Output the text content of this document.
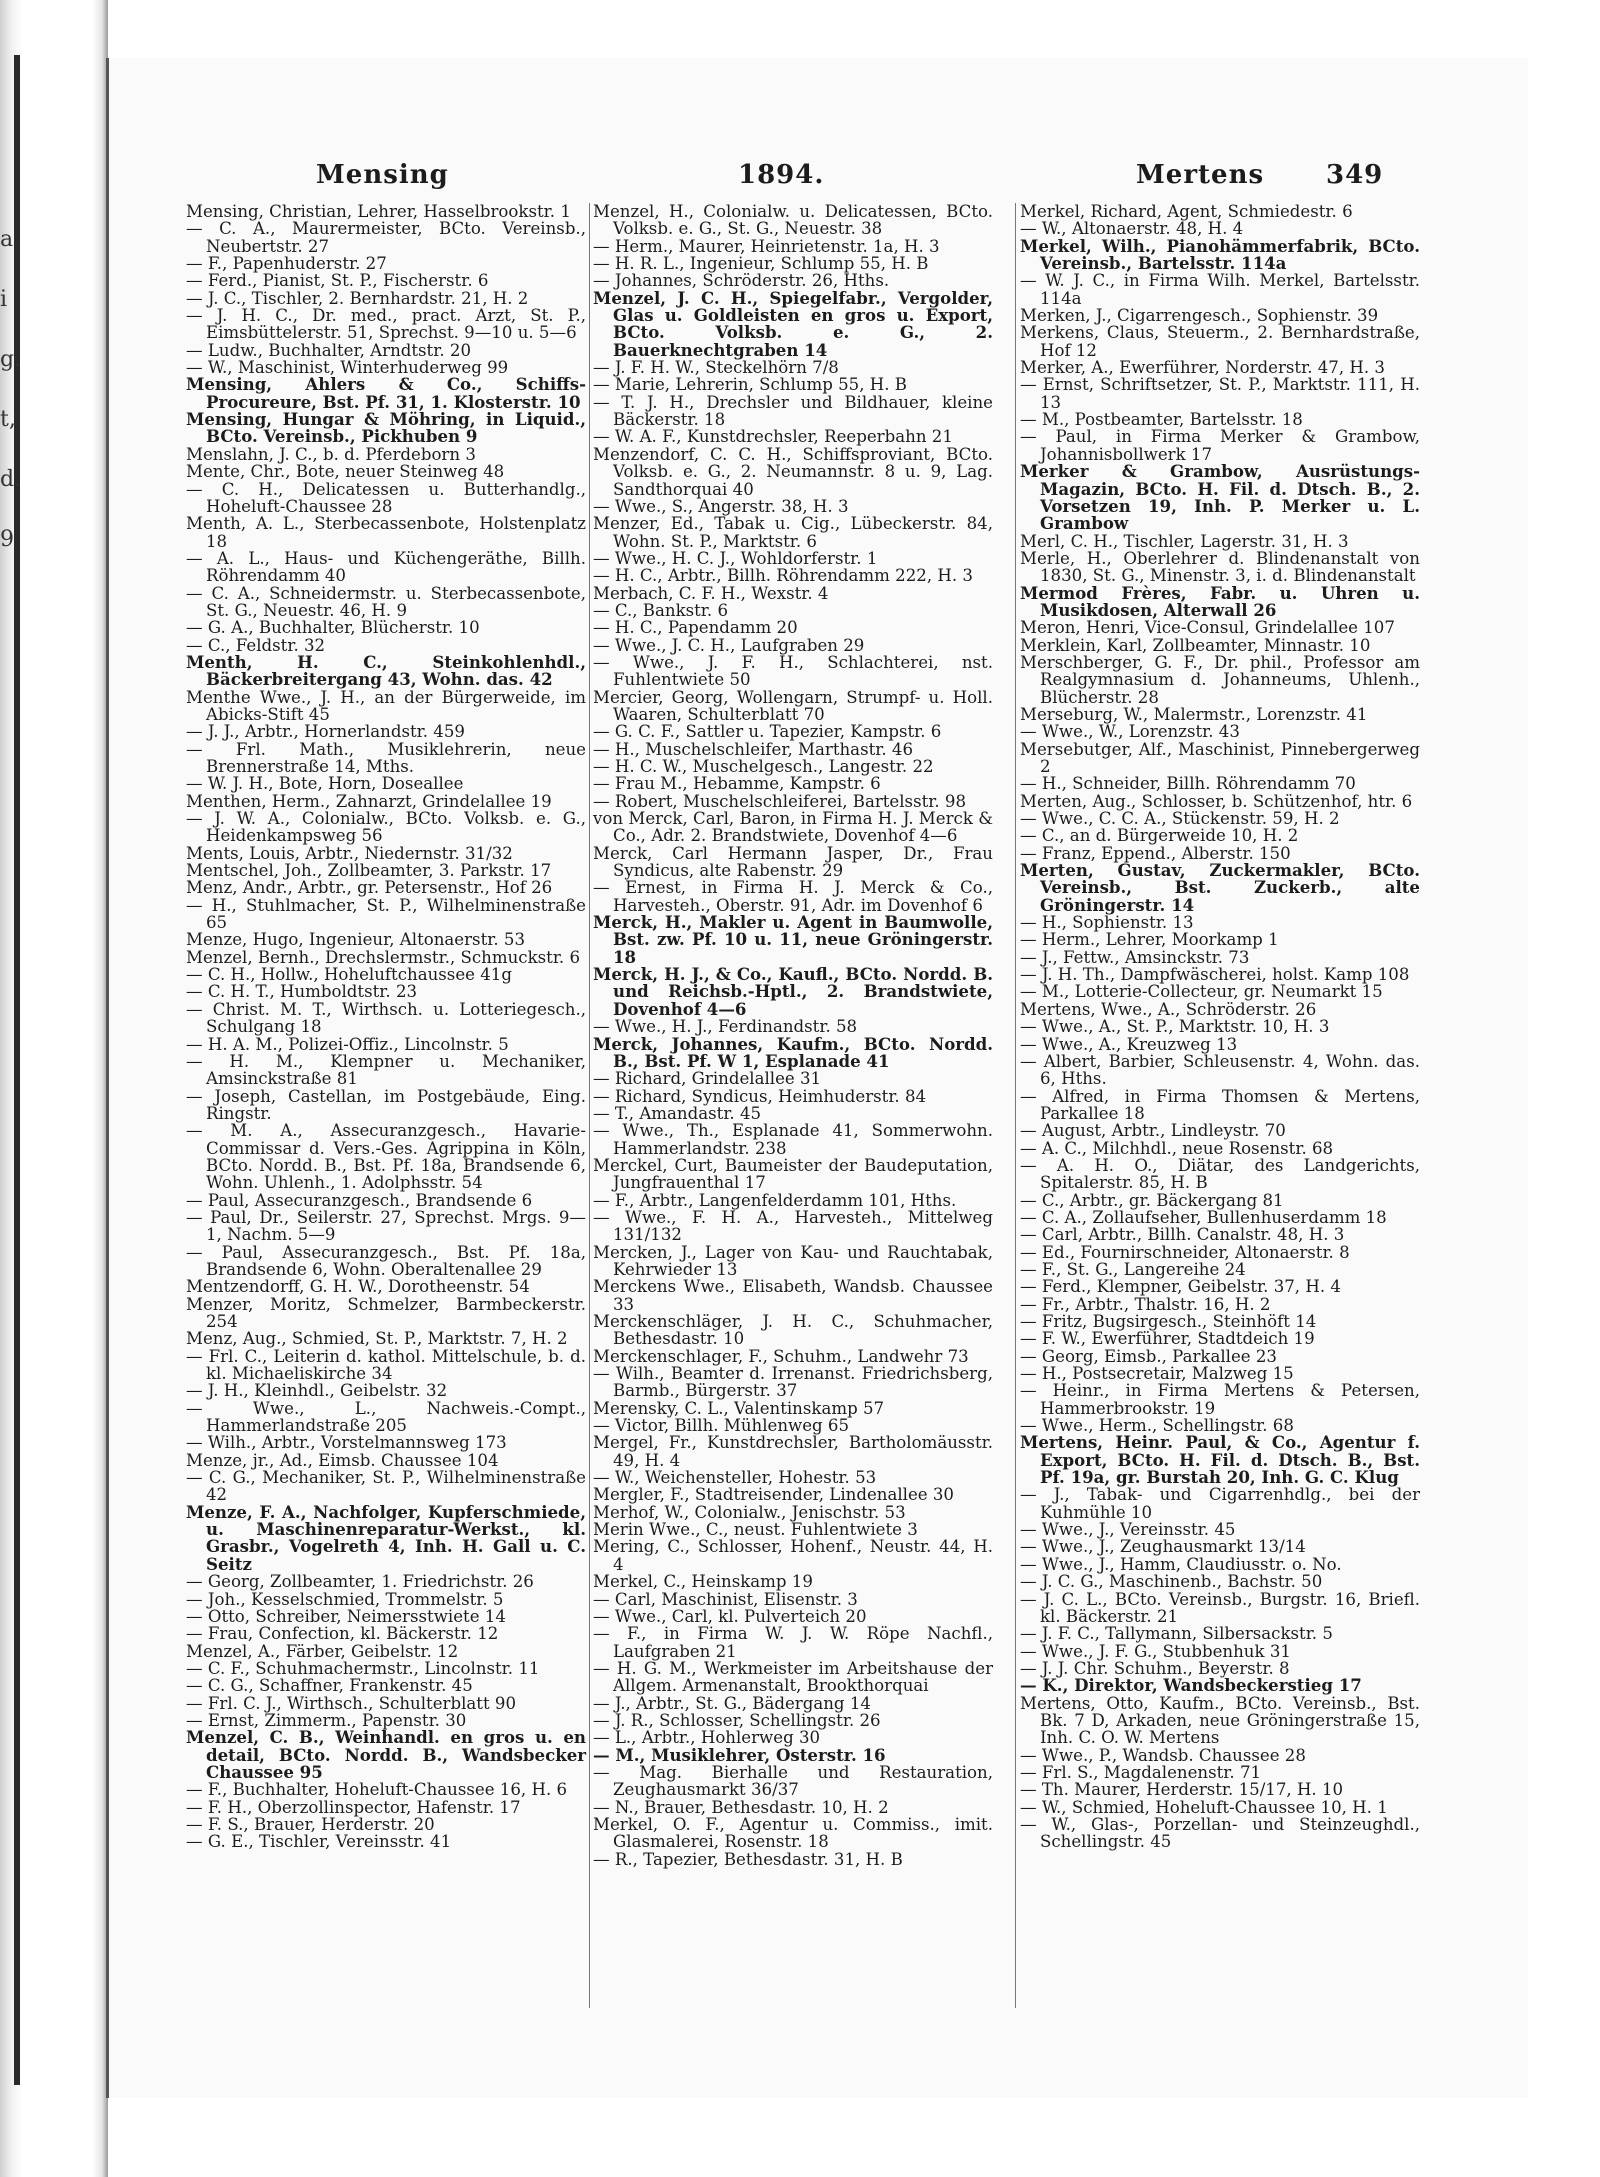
a
i
g.
t,
d.
9
Mensing	1894.	Mertens 349

Mensing, Christian, Lehrer, Hasselbrookstr. 1

— C. A., Maurermeister, BCto. Vereinsb., Neubertstr. 27

— F., Papenhuderstr. 27

— Ferd., Pianist, St. P., Fischerstr. 6

— J. C., Tischler, 2. Bernhardstr. 21, H. 2

— J. H. C., Dr. med., pract. Arzt, St. P., Eimsbüttelerstr. 51, Sprechst. 9—10 u. 5—6

— Ludw., Buchhalter, Arndtstr. 20

— W., Maschinist, Winterhuderweg 99

Mensing, Ahlers & Co., Schiffs-Procureure, Bst. Pf. 31, 1. Klosterstr. 10

Mensing, Hungar & Möhring, in Liquid., BCto. Vereinsb., Pickhuben 9

Menslahn, J. C., b. d. Pferdeborn 3

Mente, Chr., Bote, neuer Steinweg 48

— C. H., Delicatessen u. Butterhandlg., Hoheluft-Chaussee 28

Menth, A. L., Sterbecassenbote, Holstenplatz 18

— A. L., Haus- und Küchengeräthe, Billh. Röhrendamm 40

— C. A., Schneidermstr. u. Sterbecassenbote, St. G., Neuestr. 46, H. 9

— G. A., Buchhalter, Blücherstr. 10

— C., Feldstr. 32

Menth, H. C., Steinkohlenhdl., Bäckerbreitergang 43, Wohn. das. 42

Menthe Wwe., J. H., an der Bürgerweide, im Abicks-Stift 45

— J. J., Arbtr., Hornerlandstr. 459

— Frl. Math., Musiklehrerin, neue Brennerstraße 14, Mths.

— W. J. H., Bote, Horn, Doseallee

Menthen, Herm., Zahnarzt, Grindelallee 19

— J. W. A., Colonialw., BCto. Volksb. e. G., Heidenkampsweg 56

Ments, Louis, Arbtr., Niedernstr. 31/32

Mentschel, Joh., Zollbeamter, 3. Parkstr. 17

Menz, Andr., Arbtr., gr. Petersenstr., Hof 26

— H., Stuhlmacher, St. P., Wilhelminenstraße 65

Menze, Hugo, Ingenieur, Altonaerstr. 53

Menzel, Bernh., Drechslermstr., Schmuckstr. 6

— C. H., Hollw., Hoheluftchaussee 41g

— C. H. T., Humboldtstr. 23

— Christ. M. T., Wirthsch. u. Lotteriegesch., Schulgang 18

— H. A. M., Polizei-Offiz., Lincolnstr. 5

— H. M., Klempner u. Mechaniker, Amsinckstraße 81

— Joseph, Castellan, im Postgebäude, Eing. Ringstr.

— M. A., Assecuranzgesch., Havarie-Commissar d. Vers.-Ges. Agrippina in Köln, BCto. Nordd. B., Bst. Pf. 18a, Brandsende 6, Wohn. Uhlenh., 1. Adolphsstr. 54

— Paul, Assecuranzgesch., Brandsende 6

— Paul, Dr., Seilerstr. 27, Sprechst. Mrgs. 9—1, Nachm. 5—9

— Paul, Assecuranzgesch., Bst. Pf. 18a, Brandsende 6, Wohn. Oberaltenallee 29

Mentzendorff, G. H. W., Dorotheenstr. 54

Menzer, Moritz, Schmelzer, Barmbeckerstr. 254

Menz, Aug., Schmied, St. P., Marktstr. 7, H. 2

— Frl. C., Leiterin d. kathol. Mittelschule, b. d. kl. Michaeliskirche 34

— J. H., Kleinhdl., Geibelstr. 32

— Wwe., L., Nachweis.-Compt., Hammerlandstraße 205

— Wilh., Arbtr., Vorstelmannsweg 173

Menze, jr., Ad., Eimsb. Chaussee 104

— C. G., Mechaniker, St. P., Wilhelminenstraße 42

Menze, F. A., Nachfolger, Kupferschmiede, u. Maschinenreparatur-Werkst., kl. Grasbr., Vogelreth 4, Inh. H. Gall u. C. Seitz

— Georg, Zollbeamter, 1. Friedrichstr. 26

— Joh., Kesselschmied, Trommelstr. 5

— Otto, Schreiber, Neimersstwiete 14

— Frau, Confection, kl. Bäckerstr. 12

Menzel, A., Färber, Geibelstr. 12

— C. F., Schuhmachermstr., Lincolnstr. 11

— C. G., Schaffner, Frankenstr. 45

— Frl. C. J., Wirthsch., Schulterblatt 90

— Ernst, Zimmerm., Papenstr. 30

Menzel, C. B., Weinhandl. en gros u. en detail, BCto. Nordd. B., Wandsbecker Chaussee 95

— F., Buchhalter, Hoheluft-Chaussee 16, H. 6

— F. H., Oberzollinspector, Hafenstr. 17

— F. S., Brauer, Herderstr. 20

— G. E., Tischler, Vereinsstr. 41

Menzel, H., Colonialw. u. Delicatessen, BCto. Volksb. e. G., St. G., Neuestr. 38

— Herm., Maurer, Heinrietenstr. 1a, H. 3

— H. R. L., Ingenieur, Schlump 55, H. B

— Johannes, Schröderstr. 26, Hths.

Menzel, J. C. H., Spiegelfabr., Vergolder, Glas u. Goldleisten en gros u. Export, BCto. Volksb. e. G., 2. Bauerknechtgraben 14

— J. F. H. W., Steckelhörn 7/8

— Marie, Lehrerin, Schlump 55, H. B

— T. J. H., Drechsler und Bildhauer, kleine Bäckerstr. 18

— W. A. F., Kunstdrechsler, Reeperbahn 21

Menzendorf, C. C. H., Schiffsproviant, BCto. Volksb. e. G., 2. Neumannstr. 8 u. 9, Lag. Sandthorquai 40

— Wwe., S., Angerstr. 38, H. 3

Menzer, Ed., Tabak u. Cig., Lübeckerstr. 84, Wohn. St. P., Marktstr. 6

— Wwe., H. C. J., Wohldorferstr. 1

— H. C., Arbtr., Billh. Röhrendamm 222, H. 3

Merbach, C. F. H., Wexstr. 4

— C., Bankstr. 6

— H. C., Papendamm 20

— Wwe., J. C. H., Laufgraben 29

— Wwe., J. F. H., Schlachterei, nst. Fuhlentwiete 50

Mercier, Georg, Wollengarn, Strumpf- u. Holl. Waaren, Schulterblatt 70

— G. C. F., Sattler u. Tapezier, Kampstr. 6

— H., Muschelschleifer, Marthastr. 46

— H. C. W., Muschelgesch., Langestr. 22

— Frau M., Hebamme, Kampstr. 6

— Robert, Muschelschleiferei, Bartelsstr. 98

von Merck, Carl, Baron, in Firma H. J. Merck & Co., Adr. 2. Brandstwiete, Dovenhof 4—6

Merck, Carl Hermann Jasper, Dr., Frau Syndicus, alte Rabenstr. 29

— Ernest, in Firma H. J. Merck & Co., Harvesteh., Oberstr. 91, Adr. im Dovenhof 6

Merck, H., Makler u. Agent in Baumwolle, Bst. zw. Pf. 10 u. 11, neue Gröningerstr. 18

Merck, H. J., & Co., Kaufl., BCto. Nordd. B. und Reichsb.-Hptl., 2. Brandstwiete, Dovenhof 4—6

— Wwe., H. J., Ferdinandstr. 58

Merck, Johannes, Kaufm., BCto. Nordd. B., Bst. Pf. W 1, Esplanade 41

— Richard, Grindelallee 31

— Richard, Syndicus, Heimhuderstr. 84

— T., Amandastr. 45

— Wwe., Th., Esplanade 41, Sommerwohn. Hammerlandstr. 238

Merckel, Curt, Baumeister der Baudeputation, Jungfrauenthal 17

— F., Arbtr., Langenfelderdamm 101, Hths.

— Wwe., F. H. A., Harvesteh., Mittelweg 131/132

Mercken, J., Lager von Kau- und Rauchtabak, Kehrwieder 13

Merckens Wwe., Elisabeth, Wandsb. Chaussee 33

Merckenschläger, J. H. C., Schuhmacher, Bethesdastr. 10

Merckenschlager, F., Schuhm., Landwehr 73

— Wilh., Beamter d. Irrenanst. Friedrichsberg, Barmb., Bürgerstr. 37

Merensky, C. L., Valentinskamp 57

— Victor, Billh. Mühlenweg 65

Mergel, Fr., Kunstdrechsler, Bartholomäusstr. 49, H. 4

— W., Weichensteller, Hohestr. 53

Mergler, F., Stadtreisender, Lindenallee 30

Merhof, W., Colonialw., Jenischstr. 53

Merin Wwe., C., neust. Fuhlentwiete 3

Mering, C., Schlosser, Hohenf., Neustr. 44, H. 4

Merkel, C., Heinskamp 19

— Carl, Maschinist, Elisenstr. 3

— Wwe., Carl, kl. Pulverteich 20

— F., in Firma W. J. W. Röpe Nachfl., Laufgraben 21

— H. G. M., Werkmeister im Arbeitshause der Allgem. Armenanstalt, Brookthorquai

— J., Arbtr., St. G., Bädergang 14

— J. R., Schlosser, Schellingstr. 26

— L., Arbtr., Hohlerweg 30

— M., Musiklehrer, Osterstr. 16

— Mag. Bierhalle und Restauration, Zeughausmarkt 36/37

— N., Brauer, Bethesdastr. 10, H. 2

Merkel, O. F., Agentur u. Commiss., imit. Glasmalerei, Rosenstr. 18

— R., Tapezier, Bethesdastr. 31, H. B

Merkel, Richard, Agent, Schmiedestr. 6

— W., Altonaerstr. 48, H. 4

Merkel, Wilh., Pianohämmerfabrik, BCto. Vereinsb., Bartelsstr. 114a

— W. J. C., in Firma Wilh. Merkel, Bartelsstr. 114a

Merken, J., Cigarrengesch., Sophienstr. 39

Merkens, Claus, Steuerm., 2. Bernhardstraße, Hof 12

Merker, A., Ewerführer, Norderstr. 47, H. 3

— Ernst, Schriftsetzer, St. P., Marktstr. 111, H. 13

— M., Postbeamter, Bartelsstr. 18

— Paul, in Firma Merker & Grambow, Johannisbollwerk 17

Merker & Grambow, Ausrüstungs-Magazin, BCto. H. Fil. d. Dtsch. B., 2. Vorsetzen 19, Inh. P. Merker u. L. Grambow

Merl, C. H., Tischler, Lagerstr. 31, H. 3

Merle, H., Oberlehrer d. Blindenanstalt von 1830, St. G., Minenstr. 3, i. d. Blindenanstalt

Mermod Frères, Fabr. u. Uhren u. Musikdosen, Alterwall 26

Meron, Henri, Vice-Consul, Grindelallee 107

Merklein, Karl, Zollbeamter, Minnastr. 10

Merschberger, G. F., Dr. phil., Professor am Realgymnasium d. Johanneums, Uhlenh., Blücherstr. 28

Merseburg, W., Malermstr., Lorenzstr. 41

— Wwe., W., Lorenzstr. 43

Mersebutger, Alf., Maschinist, Pinnebergerweg 2

— H., Schneider, Billh. Röhrendamm 70

Merten, Aug., Schlosser, b. Schützenhof, htr. 6

— Wwe., C. C. A., Stückenstr. 59, H. 2

— C., an d. Bürgerweide 10, H. 2

— Franz, Eppend., Alberstr. 150

Merten, Gustav, Zuckermakler, BCto. Vereinsb., Bst. Zuckerb., alte Gröningerstr. 14

— H., Sophienstr. 13

— Herm., Lehrer, Moorkamp 1

— J., Fettw., Amsinckstr. 73

— J. H. Th., Dampfwäscherei, holst. Kamp 108

— M., Lotterie-Collecteur, gr. Neumarkt 15

Mertens, Wwe., A., Schröderstr. 26

— Wwe., A., St. P., Marktstr. 10, H. 3

— Wwe., A., Kreuzweg 13

— Albert, Barbier, Schleusenstr. 4, Wohn. das. 6, Hths.

— Alfred, in Firma Thomsen & Mertens, Parkallee 18

— August, Arbtr., Lindleystr. 70

— A. C., Milchhdl., neue Rosenstr. 68

— A. H. O., Diätar, des Landgerichts, Spitalerstr. 85, H. B

— C., Arbtr., gr. Bäckergang 81

— C. A., Zollaufseher, Bullenhuserdamm 18

— Carl, Arbtr., Billh. Canalstr. 48, H. 3

— Ed., Fournirschneider, Altonaerstr. 8

— F., St. G., Langereihe 24

— Ferd., Klempner, Geibelstr. 37, H. 4

— Fr., Arbtr., Thalstr. 16, H. 2

— Fritz, Bugsirgesch., Steinhöft 14

— F. W., Ewerführer, Stadtdeich 19

— Georg, Eimsb., Parkallee 23

— H., Postsecretair, Malzweg 15

— Heinr., in Firma Mertens & Petersen, Hammerbrookstr. 19

— Wwe., Herm., Schellingstr. 68

Mertens, Heinr. Paul, & Co., Agentur f. Export, BCto. H. Fil. d. Dtsch. B., Bst. Pf. 19a, gr. Burstah 20, Inh. G. C. Klug

— J., Tabak- und Cigarrenhdlg., bei der Kuhmühle 10

— Wwe., J., Vereinsstr. 45

— Wwe., J., Zeughausmarkt 13/14

— Wwe., J., Hamm, Claudiusstr. o. No.

— J. C. G., Maschinenb., Bachstr. 50

— J. C. L., BCto. Vereinsb., Burgstr. 16, Briefl. kl. Bäckerstr. 21

— J. F. C., Tallymann, Silbersackstr. 5

— Wwe., J. F. G., Stubbenhuk 31

— J. J. Chr. Schuhm., Beyerstr. 8

— K., Direktor, Wandsbeckerstieg 17

Mertens, Otto, Kaufm., BCto. Vereinsb., Bst. Bk. 7 D, Arkaden, neue Gröningerstraße 15, Inh. C. O. W. Mertens

— Wwe., P., Wandsb. Chaussee 28

— Frl. S., Magdalenenstr. 71

— Th. Maurer, Herderstr. 15/17, H. 10

— W., Schmied, Hoheluft-Chaussee 10, H. 1

— W., Glas-, Porzellan- und Steinzeughdl., Schellingstr. 45
